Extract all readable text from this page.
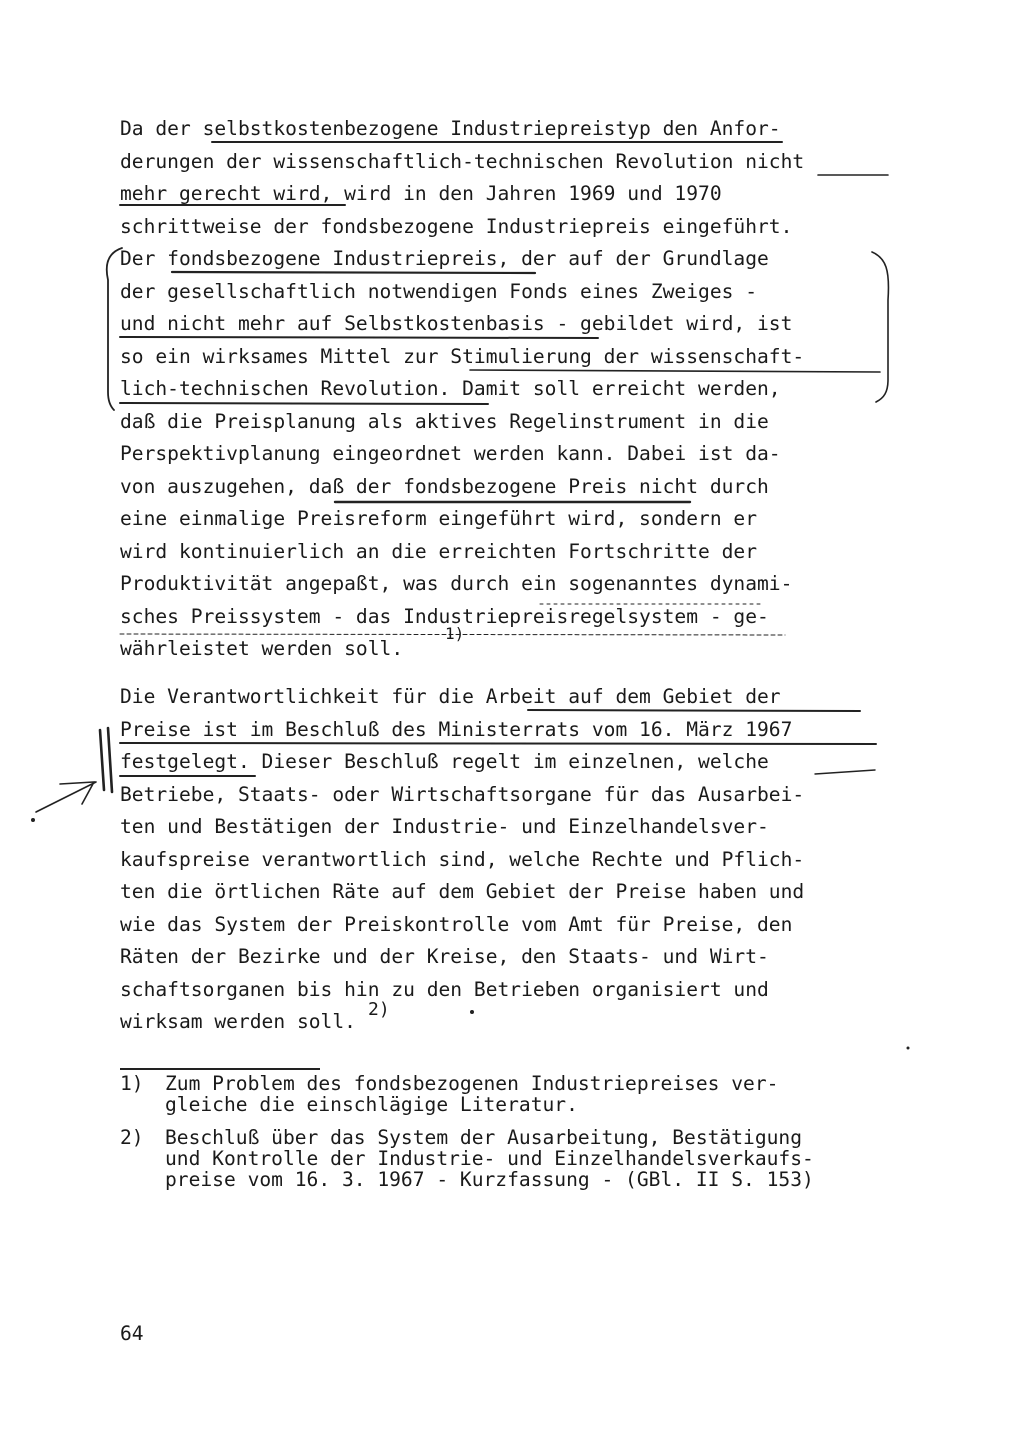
Da der selbstkostenbezogene Industriepreistyp den Anfor-
derungen der wissenschaftlich-technischen Revolution nicht
mehr gerecht wird, wird in den Jahren 1969 und 1970
schrittweise der fondsbezogene Industriepreis eingeführt.
Der fondsbezogene Industriepreis, der auf der Grundlage
der gesellschaftlich notwendigen Fonds eines Zweiges -
und nicht mehr auf Selbstkostenbasis - gebildet wird, ist
so ein wirksames Mittel zur Stimulierung der wissenschaft-
lich-technischen Revolution. Damit soll erreicht werden,
daß die Preisplanung als aktives Regelinstrument in die
Perspektivplanung eingeordnet werden kann. Dabei ist da-
von auszugehen, daß der fondsbezogene Preis nicht durch
eine einmalige Preisreform eingeführt wird, sondern er
wird kontinuierlich an die erreichten Fortschritte der
Produktivität angepaßt, was durch ein sogenanntes dynami-
sches Preissystem - das Industriepreisregelsystem - ge-
währleistet werden soll.
1)
Die Verantwortlichkeit für die Arbeit auf dem Gebiet der
Preise ist im Beschluß des Ministerrats vom 16. März 1967
festgelegt. Dieser Beschluß regelt im einzelnen, welche
Betriebe, Staats- oder Wirtschaftsorgane für das Ausarbei-
ten und Bestätigen der Industrie- und Einzelhandelsver-
kaufspreise verantwortlich sind, welche Rechte und Pflich-
ten die örtlichen Räte auf dem Gebiet der Preise haben und
wie das System der Preiskontrolle vom Amt für Preise, den
Räten der Bezirke und der Kreise, den Staats- und Wirt-
schaftsorganen bis hin zu den Betrieben organisiert und
wirksam werden soll.
2)
1) Zum Problem des fondsbezogenen Industriepreises ver-
gleiche die einschlägige Literatur.
2) Beschluß über das System der Ausarbeitung, Bestätigung
und Kontrolle der Industrie- und Einzelhandelsverkaufs-
preise vom 16. 3. 1967 - Kurzfassung - (GBl. II S. 153)
64
